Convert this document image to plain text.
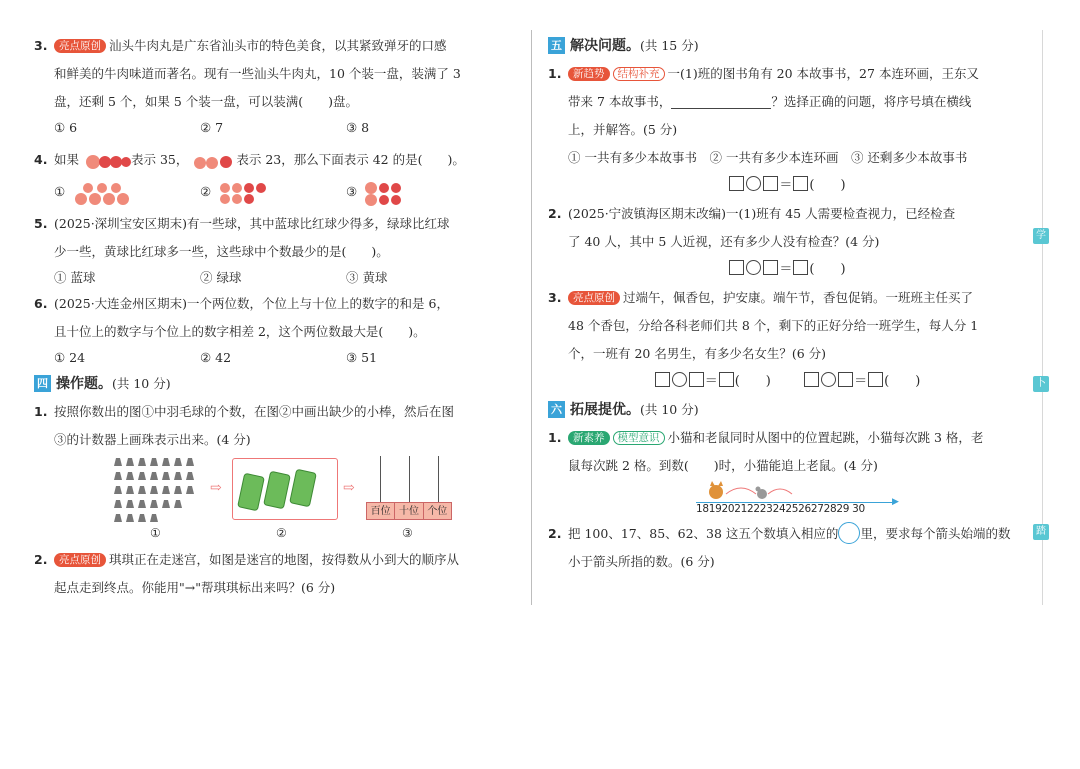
3. 亮点原创 汕头牛肉丸是广东省汕头市的特色美食，以其紧致弹牙的口感
和鲜美的牛肉味道而著名。现有一些汕头牛肉丸，10 个装一盘，装满了 3
盘，还剩 5 个，如果 5 个装一盘，可以装满(　　)盘。
① 6	② 7	③ 8
4. 如果	表示 35，	表示 23，那么下面表示 42 的是(　　)。
①	②	③
5. (2025·深圳宝安区期末)有一些球，其中蓝球比红球少得多，绿球比红球
少一些，黄球比红球多一些，这些球中个数最少的是(　　)。
① 蓝球	② 绿球	③ 黄球
6. (2025·大连金州区期末)一个两位数，个位上与十位上的数字的和是 6，
且十位上的数字与个位上的数字相差 2，这个两位数最大是(　　)。
① 24	② 42	③ 51
四 操作题。(共 10 分)
1. 按照你数出的图①中羽毛球的个数，在图②中画出缺少的小棒，然后在图
③的计数器上画珠表示出来。(4 分)
⇨	⇨
百位 十位 个位
①	②	③
2. 亮点原创 琪琪正在走迷宫，如图是迷宫的地图，按得数从小到大的顺序从
起点走到终点。你能用"→"帮琪琪标出来吗？(6 分)
五 解决问题。(共 15 分)
1. 新趋势 结构补充 一(1)班的图书角有 20 本故事书，27 本连环画，王东又
带来 7 本故事书，	？选择正确的问题，将序号填在横线
上，并解答。(5 分)
① 一共有多少本故事书　② 一共有多少本连环画　③ 还剩多少本故事书
＝ (　　)
2. (2025·宁波镇海区期末改编)一(1)班有 45 人需要检查视力，已经检查
了 40 人，其中 5 人近视，还有多少人没有检查？(4 分)
＝ (　　)
3. 亮点原创 过端午，佩香包，护安康。端午节，香包促销。一班班主任买了
48 个香包，分给各科老师们共 8 个，剩下的正好分给一班学生，每人分 1
个，一班有 20 名男生，有多少名女生？(6 分)
＝ (　　)	＝ (　　)
六 拓展提优。(共 10 分)
1. 新素养 模型意识 小猫和老鼠同时从图中的位置起跳，小猫每次跳 3 格，老
鼠每次跳 2 格。到数(　　)时，小猫能追上老鼠。(4 分)
▶
181920212223242526272829 30
2. 把 100、17、85、62、38 这五个数填入相应的 里，要求每个箭头始端的数
小于箭头所指的数。(6 分)
学
卜
踏
